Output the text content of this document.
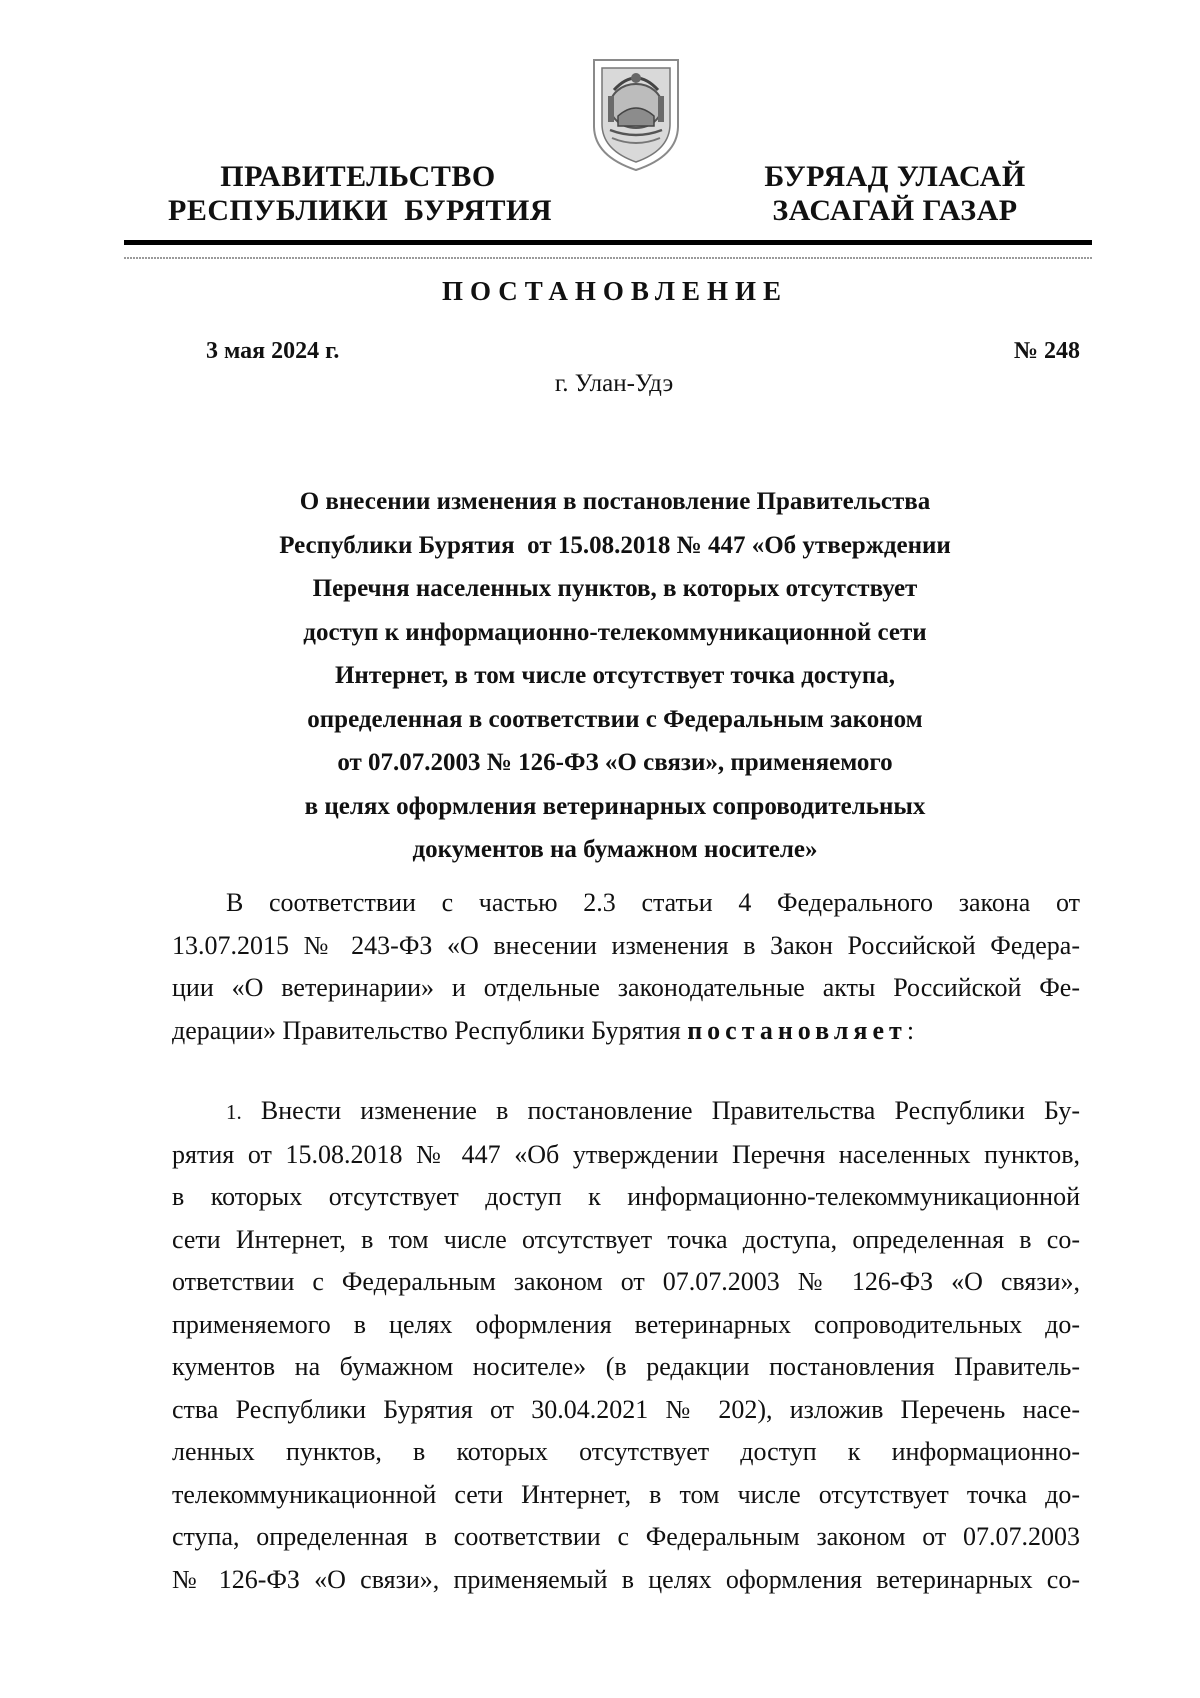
ПРАВИТЕЛЬСТВО
РЕСПУБЛИКИ  БУРЯТИЯ
БУРЯАД УЛАСАЙ
ЗАСАГАЙ ГАЗАР
ПОСТАНОВЛЕНИЕ
3 мая 2024 г.	№ 248
г. Улан-Удэ
О внесении изменения в постановление Правительства
Республики Бурятия  от 15.08.2018 № 447 «Об утверждении
Перечня населенных пунктов, в которых отсутствует
доступ к информационно-телекоммуникационной сети
Интернет, в том числе отсутствует точка доступа,
определенная в соответствии с Федеральным законом
от 07.07.2003 № 126-ФЗ «О связи», применяемого
в целях оформления ветеринарных сопроводительных
документов на бумажном носителе»
В соответствии с частью 2.3 статьи 4 Федерального закона от
13.07.2015 № 243-ФЗ «О внесении изменения в Закон Российской Федера-
ции «О ветеринарии» и отдельные законодательные акты Российской Фе-
дерации» Правительство Республики Бурятия постановляет:
1. Внести изменение в постановление Правительства Республики Бу-
рятия от 15.08.2018 № 447 «Об утверждении Перечня населенных пунктов,
в которых отсутствует доступ к информационно-телекоммуникационной
сети Интернет, в том числе отсутствует точка доступа, определенная в со-
ответствии с Федеральным законом от 07.07.2003 № 126-ФЗ «О связи»,
применяемого в целях оформления ветеринарных сопроводительных до-
кументов на бумажном носителе» (в редакции постановления Правитель-
ства Республики Бурятия от 30.04.2021 № 202), изложив Перечень насе-
ленных пунктов, в которых отсутствует доступ к информационно-
телекоммуникационной сети Интернет, в том числе отсутствует точка до-
ступа, определенная в соответствии с Федеральным законом от 07.07.2003
№ 126-ФЗ «О связи», применяемый в целях оформления ветеринарных со-
